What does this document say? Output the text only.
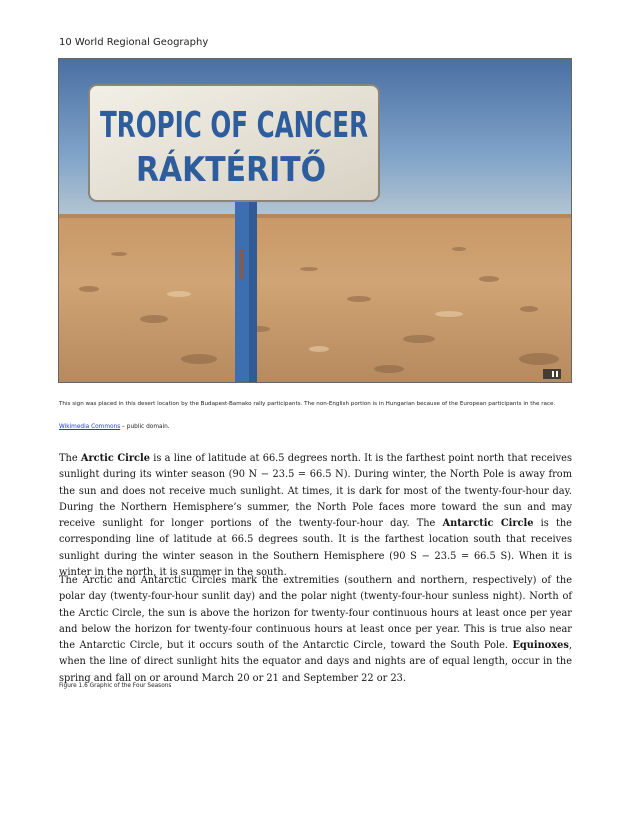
10 World Regional Geography
TROPIC OF CANCER
RÁKTÉRITŐ
This sign was placed in this desert location by the Budapest-Bamako rally participants. The non-English portion is in Hungarian because of the European participants in the race.
Wikimedia Commons – public domain.
The Arctic Circle is a line of latitude at 66.5 degrees north. It is the farthest point north that receives sunlight during its winter season (90 N − 23.5 = 66.5 N). During winter, the North Pole is away from the sun and does not receive much sunlight. At times, it is dark for most of the twenty-four-hour day. During the Northern Hemisphere’s summer, the North Pole faces more toward the sun and may receive sunlight for longer portions of the twenty-four-hour day. The Antarctic Circle is the corresponding line of latitude at 66.5 degrees south. It is the farthest location south that receives sunlight during the winter season in the Southern Hemisphere (90 S − 23.5 = 66.5 S). When it is winter in the north, it is summer in the south.
The Arctic and Antarctic Circles mark the extremities (southern and northern, respectively) of the polar day (twenty-four-hour sunlit day) and the polar night (twenty-four-hour sunless night). North of the Arctic Circle, the sun is above the horizon for twenty-four continuous hours at least once per year and below the horizon for twenty-four continuous hours at least once per year. This is true also near the Antarctic Circle, but it occurs south of the Antarctic Circle, toward the South Pole. Equinoxes, when the line of direct sunlight hits the equator and days and nights are of equal length, occur in the spring and fall on or around March 20 or 21 and September 22 or 23.
Figure 1.6 Graphic of the Four Seasons
